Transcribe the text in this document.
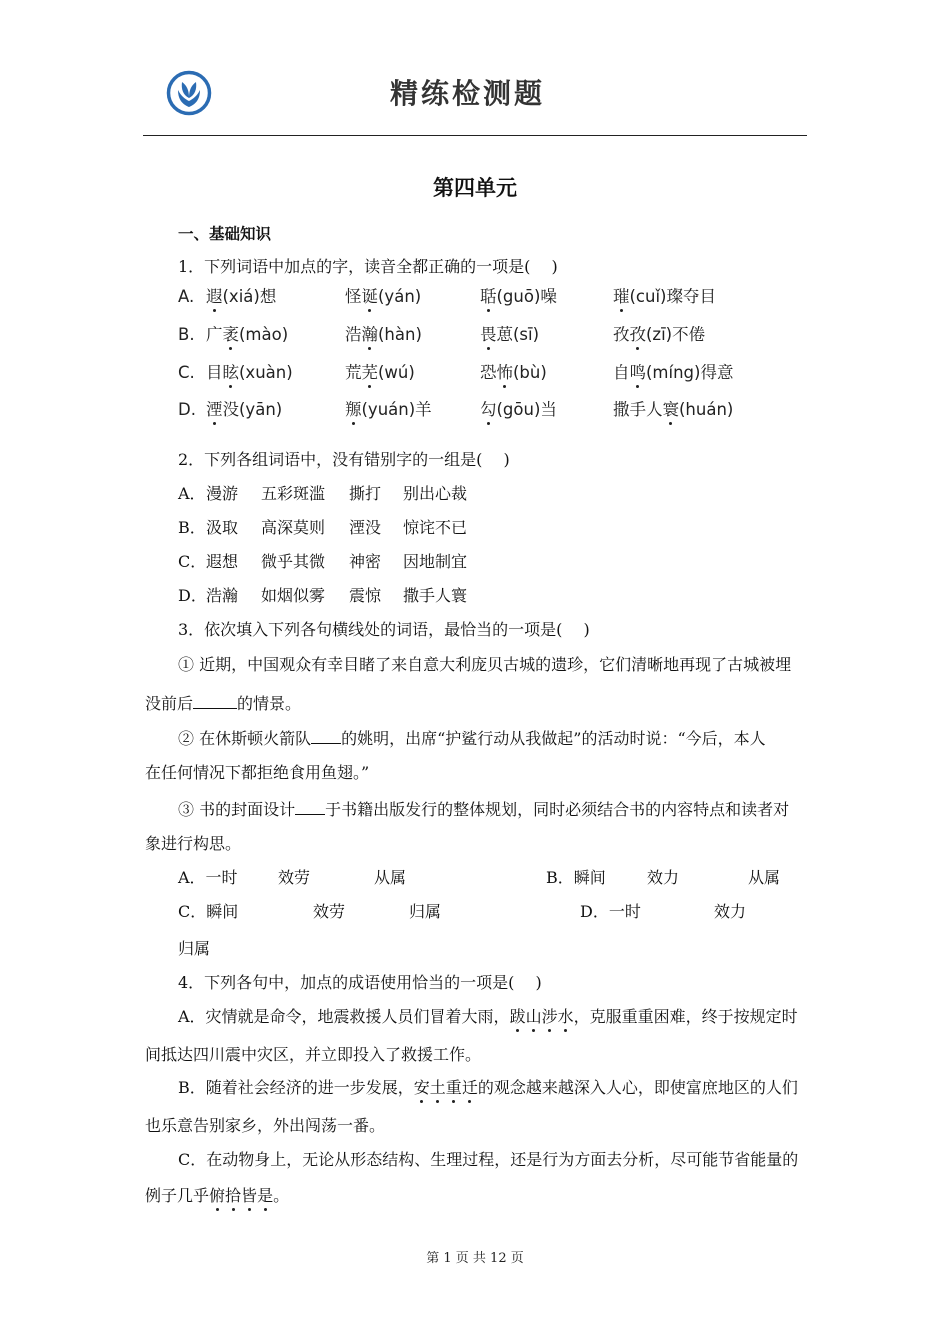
精练检测题
第四单元
一、基础知识
1．下列词语中加点的字，读音全都正确的一项是(　 )
A. 遐(xiá)想	怪诞(yán)	聒(guō)噪	璀(cuǐ)璨夺目
B. 广袤(mào)	浩瀚(hàn)	畏葸(sī)	孜孜(zī)不倦
C. 目眩(xuàn)	荒芜(wú)	恐怖(bù)	自鸣(míng)得意
D. 湮没(yān)	羱(yuán)羊	勾(gōu)当	撒手人寰(huán)
2．下列各组词语中，没有错别字的一组是(　 )
A． 漫游 五彩斑滥 撕打 别出心裁
B． 汲取 高深莫则 湮没 惊诧不已
C． 遐想 微乎其微 神密 因地制宜
D． 浩瀚 如烟似雾 震惊 撒手人寰
3．依次填入下列各句横线处的词语，最恰当的一项是(　 )
① 近期，中国观众有幸目睹了来自意大利庞贝古城的遗珍，它们清晰地再现了古城被埋
没前后	的情景。
② 在休斯顿火箭队 的姚明，出席“护鲨行动从我做起”的活动时说：“今后，本人
在任何情况下都拒绝食用鱼翅。”
③ 书的封面设计 于书籍出版发行的整体规划，同时必须结合书的内容特点和读者对
象进行构思。
A．一时	效劳	从属	B．瞬间	效力	从属
C．瞬间	效劳	归属	D．一时	效力
归属
4．下列各句中，加点的成语使用恰当的一项是(　 )
A．灾情就是命令，地震救援人员们冒着大雨，跋山涉水，克服重重困难，终于按规定时
间抵达四川震中灾区，并立即投入了救援工作。
B．随着社会经济的进一步发展，安土重迁的观念越来越深入人心，即使富庶地区的人们
也乐意告别家乡，外出闯荡一番。
C．在动物身上，无论从形态结构、生理过程，还是行为方面去分析，尽可能节省能量的
例子几乎俯拾皆是。
第 1 页 共 12 页
